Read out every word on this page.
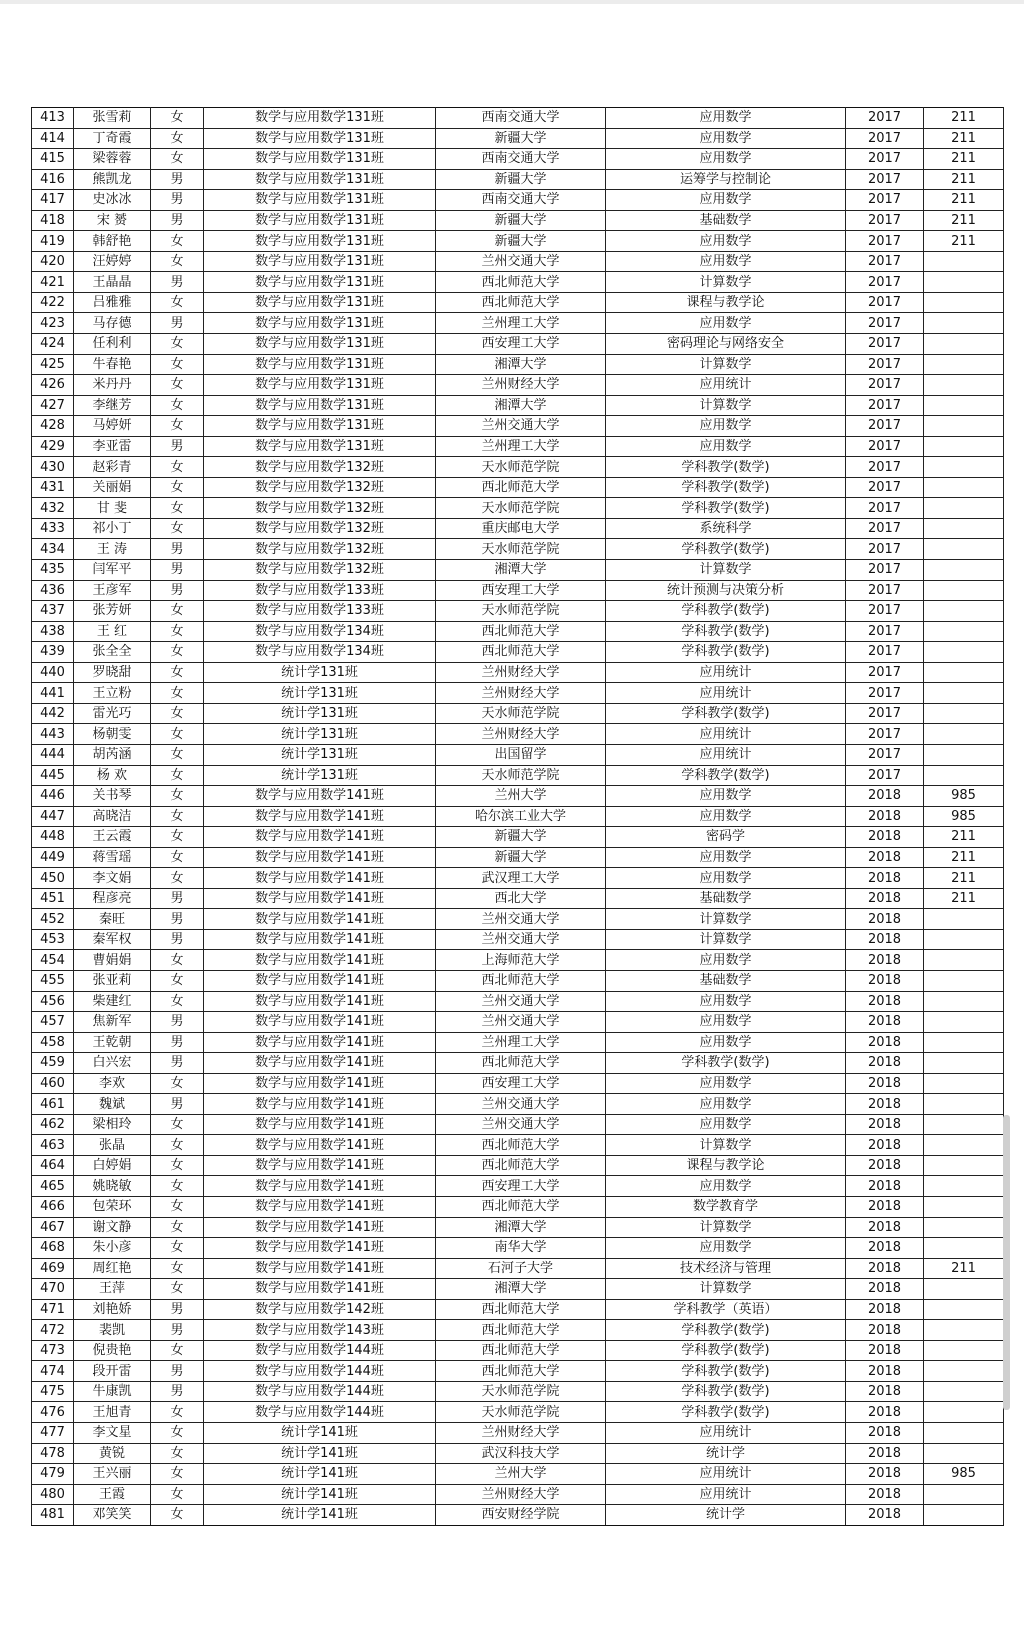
413	张雪莉	女	数学与应用数学131班	西南交通大学	应用数学	2017	211
414	丁奇霞	女	数学与应用数学131班	新疆大学	应用数学	2017	211
415	梁蓉蓉	女	数学与应用数学131班	西南交通大学	应用数学	2017	211
416	熊凯龙	男	数学与应用数学131班	新疆大学	运筹学与控制论	2017	211
417	史冰冰	男	数学与应用数学131班	西南交通大学	应用数学	2017	211
418	宋 赟	男	数学与应用数学131班	新疆大学	基础数学	2017	211
419	韩舒艳	女	数学与应用数学131班	新疆大学	应用数学	2017	211
420	汪婷婷	女	数学与应用数学131班	兰州交通大学	应用数学	2017	
421	王晶晶	男	数学与应用数学131班	西北师范大学	计算数学	2017	
422	吕雅雅	女	数学与应用数学131班	西北师范大学	课程与教学论	2017	
423	马存德	男	数学与应用数学131班	兰州理工大学	应用数学	2017	
424	任利利	女	数学与应用数学131班	西安理工大学	密码理论与网络安全	2017	
425	牛春艳	女	数学与应用数学131班	湘潭大学	计算数学	2017	
426	米丹丹	女	数学与应用数学131班	兰州财经大学	应用统计	2017	
427	李继芳	女	数学与应用数学131班	湘潭大学	计算数学	2017	
428	马婷妍	女	数学与应用数学131班	兰州交通大学	应用数学	2017	
429	李亚雷	男	数学与应用数学131班	兰州理工大学	应用数学	2017	
430	赵彩青	女	数学与应用数学132班	天水师范学院	学科教学(数学)	2017	
431	关丽娟	女	数学与应用数学132班	西北师范大学	学科教学(数学)	2017	
432	甘 斐	女	数学与应用数学132班	天水师范学院	学科教学(数学)	2017	
433	祁小丁	女	数学与应用数学132班	重庆邮电大学	系统科学	2017	
434	王 涛	男	数学与应用数学132班	天水师范学院	学科教学(数学)	2017	
435	闫军平	男	数学与应用数学132班	湘潭大学	计算数学	2017	
436	王彦军	男	数学与应用数学133班	西安理工大学	统计预测与决策分析	2017	
437	张芳妍	女	数学与应用数学133班	天水师范学院	学科教学(数学)	2017	
438	王 红	女	数学与应用数学134班	西北师范大学	学科教学(数学)	2017	
439	张全全	女	数学与应用数学134班	西北师范大学	学科教学(数学)	2017	
440	罗晓甜	女	统计学131班	兰州财经大学	应用统计	2017	
441	王立粉	女	统计学131班	兰州财经大学	应用统计	2017	
442	雷光巧	女	统计学131班	天水师范学院	学科教学(数学)	2017	
443	杨朝雯	女	统计学131班	兰州财经大学	应用统计	2017	
444	胡芮涵	女	统计学131班	出国留学	应用统计	2017	
445	杨 欢	女	统计学131班	天水师范学院	学科教学(数学)	2017	
446	关书琴	女	数学与应用数学141班	兰州大学	应用数学	2018	985
447	高晓洁	女	数学与应用数学141班	哈尔滨工业大学	应用数学	2018	985
448	王云霞	女	数学与应用数学141班	新疆大学	密码学	2018	211
449	蒋雪瑶	女	数学与应用数学141班	新疆大学	应用数学	2018	211
450	李文娟	女	数学与应用数学141班	武汉理工大学	应用数学	2018	211
451	程彦亮	男	数学与应用数学141班	西北大学	基础数学	2018	211
452	秦旺	男	数学与应用数学141班	兰州交通大学	计算数学	2018	
453	秦军权	男	数学与应用数学141班	兰州交通大学	计算数学	2018	
454	曹娟娟	女	数学与应用数学141班	上海师范大学	应用数学	2018	
455	张亚莉	女	数学与应用数学141班	西北师范大学	基础数学	2018	
456	柴建红	女	数学与应用数学141班	兰州交通大学	应用数学	2018	
457	焦新军	男	数学与应用数学141班	兰州交通大学	应用数学	2018	
458	王乾朝	男	数学与应用数学141班	兰州理工大学	应用数学	2018	
459	白兴宏	男	数学与应用数学141班	西北师范大学	学科教学(数学)	2018	
460	李欢	女	数学与应用数学141班	西安理工大学	应用数学	2018	
461	魏斌	男	数学与应用数学141班	兰州交通大学	应用数学	2018	
462	梁相玲	女	数学与应用数学141班	兰州交通大学	应用数学	2018	
463	张晶	女	数学与应用数学141班	西北师范大学	计算数学	2018	
464	白婷娟	女	数学与应用数学141班	西北师范大学	课程与教学论	2018	
465	姚晓敏	女	数学与应用数学141班	西安理工大学	应用数学	2018	
466	包荣环	女	数学与应用数学141班	西北师范大学	数学教育学	2018	
467	谢文静	女	数学与应用数学141班	湘潭大学	计算数学	2018	
468	朱小彦	女	数学与应用数学141班	南华大学	应用数学	2018	
469	周红艳	女	数学与应用数学141班	石河子大学	技术经济与管理	2018	211
470	王萍	女	数学与应用数学141班	湘潭大学	计算数学	2018	
471	刘艳娇	男	数学与应用数学142班	西北师范大学	学科教学（英语）	2018	
472	裴凯	男	数学与应用数学143班	西北师范大学	学科教学(数学)	2018	
473	倪贵艳	女	数学与应用数学144班	西北师范大学	学科教学(数学)	2018	
474	段开雷	男	数学与应用数学144班	西北师范大学	学科教学(数学)	2018	
475	牛康凯	男	数学与应用数学144班	天水师范学院	学科教学(数学)	2018	
476	王旭青	女	数学与应用数学144班	天水师范学院	学科教学(数学)	2018	
477	李文星	女	统计学141班	兰州财经大学	应用统计	2018	
478	黄锐	女	统计学141班	武汉科技大学	统计学	2018	
479	王兴丽	女	统计学141班	兰州大学	应用统计	2018	985
480	王霞	女	统计学141班	兰州财经大学	应用统计	2018	
481	邓笑笑	女	统计学141班	西安财经学院	统计学	2018	
